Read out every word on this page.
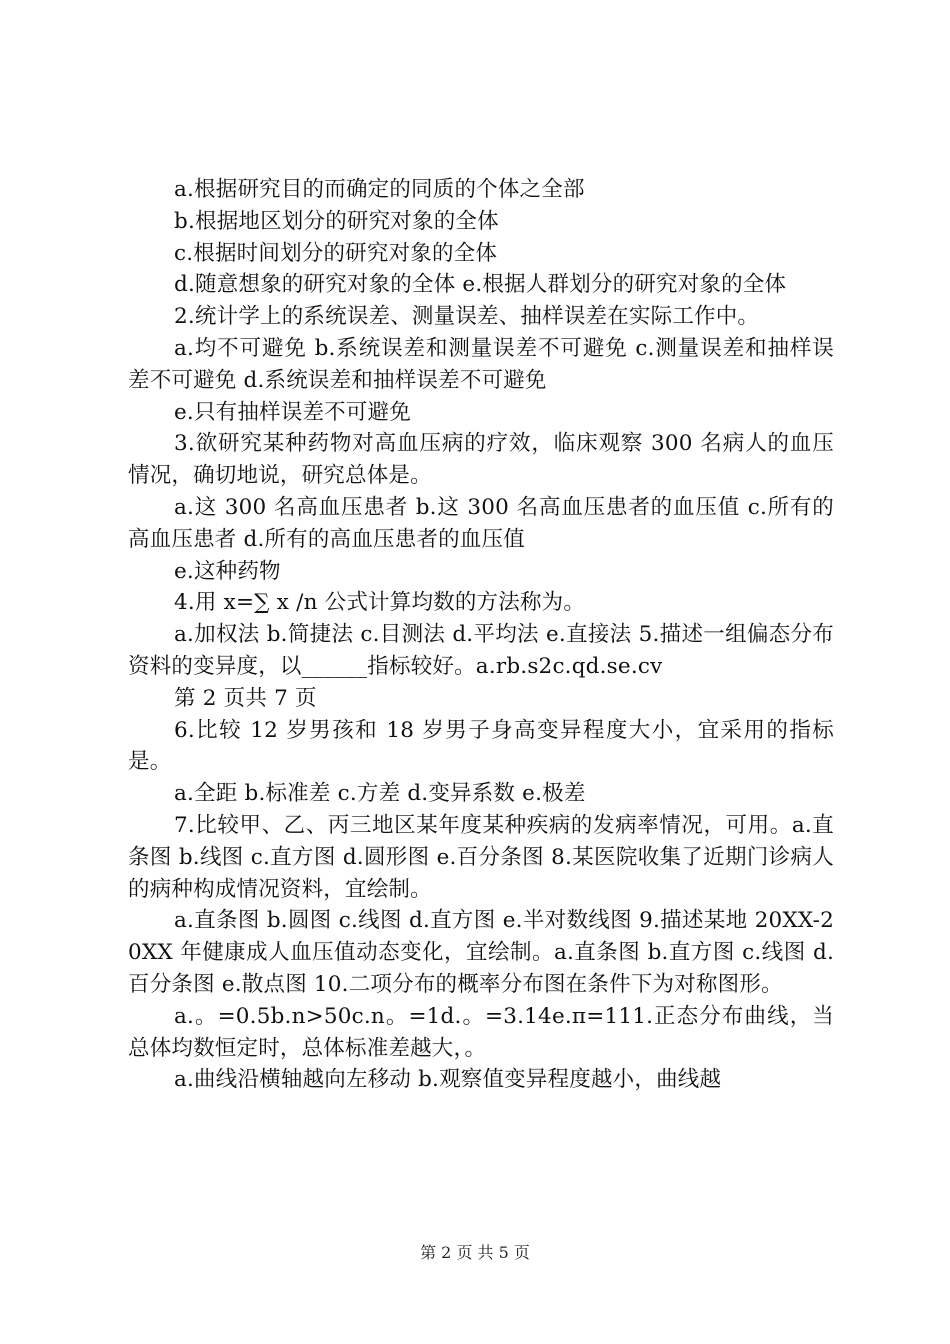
a.根据研究目的而确定的同质的个体之全部

b.根据地区划分的研究对象的全体

c.根据时间划分的研究对象的全体

d.随意想象的研究对象的全体 e.根据人群划分的研究对象的全体

2.统计学上的系统误差、测量误差、抽样误差在实际工作中。

a.均不可避免 b.系统误差和测量误差不可避免 c.测量误差和抽样误差不可避免 d.系统误差和抽样误差不可避免

e.只有抽样误差不可避免

3.欲研究某种药物对高血压病的疗效，临床观察 300 名病人的血压情况，确切地说，研究总体是。

a.这 300 名高血压患者 b.这 300 名高血压患者的血压值 c.所有的高血压患者 d.所有的高血压患者的血压值

e.这种药物

4.用 x=∑ x /n 公式计算均数的方法称为。

a.加权法 b.简捷法 c.目测法 d.平均法 e.直接法 5.描述一组偏态分布资料的变异度，以______指标较好。a.rb.s2c.qd.se.cv

第 2 页共 7 页

6.比较 12 岁男孩和 18 岁男子身高变异程度大小，宜采用的指标是。

a.全距 b.标准差 c.方差 d.变异系数 e.极差

7.比较甲、乙、丙三地区某年度某种疾病的发病率情况，可用。a.直条图 b.线图 c.直方图 d.圆形图 e.百分条图 8.某医院收集了近期门诊病人的病种构成情况资料，宜绘制。

a.直条图 b.圆图 c.线图 d.直方图 e.半对数线图 9.描述某地 20XX-20XX 年健康成人血压值动态变化，宜绘制。a.直条图 b.直方图 c.线图 d.百分条图 e.散点图 10.二项分布的概率分布图在条件下为对称图形。

a.。=0.5b.n>50c.n。=1d.。=3.14e.π=111.正态分布曲线，当总体均数恒定时，总体标准差越大，。

a.曲线沿横轴越向左移动 b.观察值变异程度越小，曲线越

第 2 页 共 5 页
